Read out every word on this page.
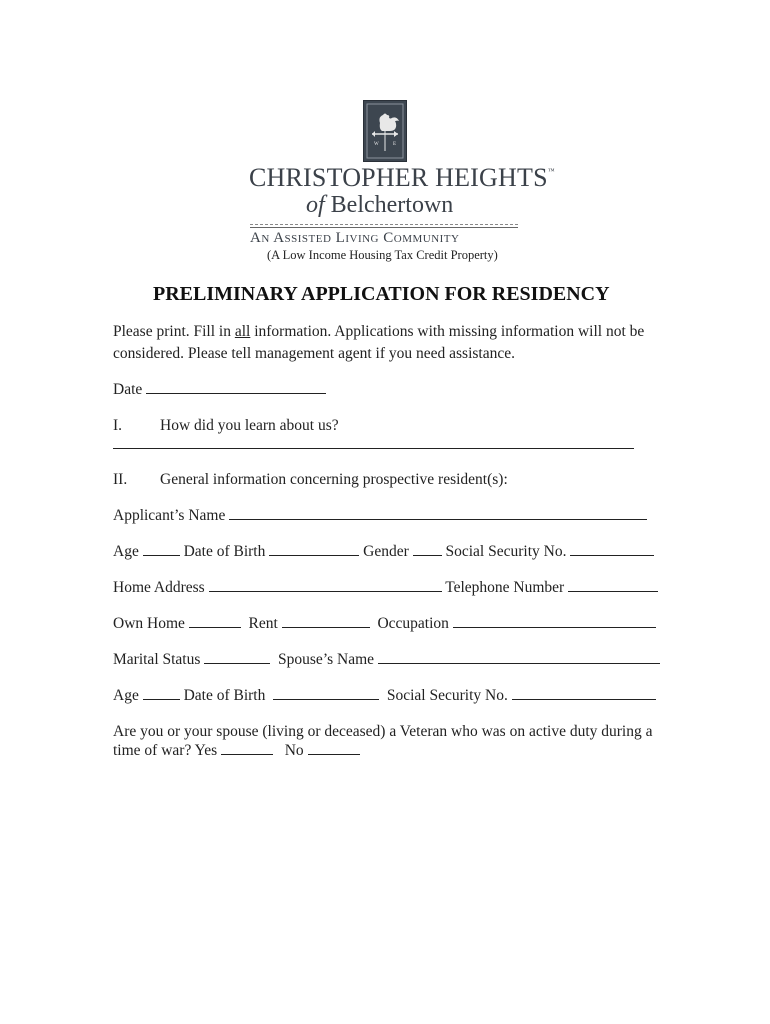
W	E
CHRISTOPHER HEIGHTS™
of Belchertown
An Assisted Living Community
(A Low Income Housing Tax Credit Property)
PRELIMINARY APPLICATION FOR RESIDENCY
Please print. Fill in all information. Applications with missing information will not be
considered. Please tell management agent if you need assistance.
Date
I. How did you learn about us?
II. General information concerning prospective resident(s):
Applicant’s Name
Age	Date of Birth	Gender Social Security No.
Home Address	Telephone Number
Own Home	Rent	Occupation
Marital Status	Spouse’s Name
Age	Date of Birth	Social Security No.
Are you or your spouse (living or deceased) a Veteran who was on active duty during a
time of war? Yes	No
